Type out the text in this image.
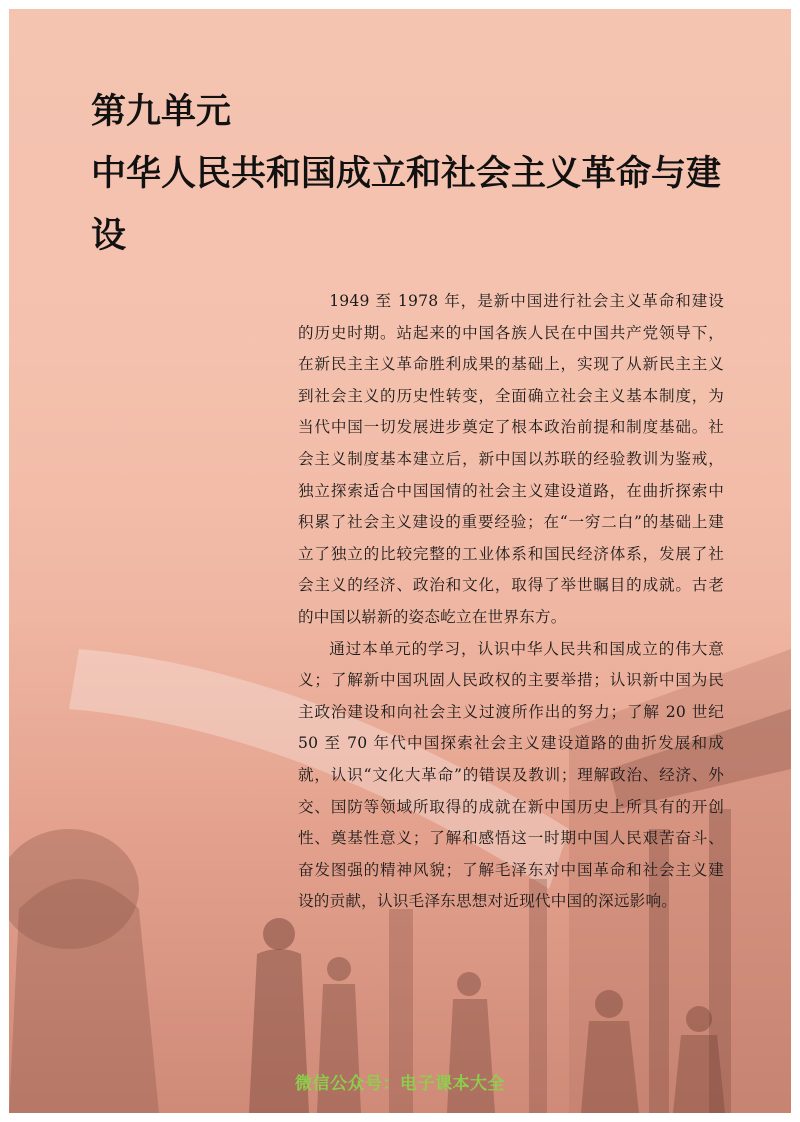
第九单元
中华人民共和国成立和社会主义革命与建设

1949 至 1978 年，是新中国进行社会主义革命和建设的历史时期。站起来的中国各族人民在中国共产党领导下，在新民主主义革命胜利成果的基础上，实现了从新民主主义到社会主义的历史性转变，全面确立社会主义基本制度，为当代中国一切发展进步奠定了根本政治前提和制度基础。社会主义制度基本建立后，新中国以苏联的经验教训为鉴戒，独立探索适合中国国情的社会主义建设道路，在曲折探索中积累了社会主义建设的重要经验；在“一穷二白”的基础上建立了独立的比较完整的工业体系和国民经济体系，发展了社会主义的经济、政治和文化，取得了举世瞩目的成就。古老的中国以崭新的姿态屹立在世界东方。

通过本单元的学习，认识中华人民共和国成立的伟大意义；了解新中国巩固人民政权的主要举措；认识新中国为民主政治建设和向社会主义过渡所作出的努力；了解 20 世纪 50 至 70 年代中国探索社会主义建设道路的曲折发展和成就，认识“文化大革命”的错误及教训；理解政治、经济、外交、国防等领域所取得的成就在新中国历史上所具有的开创性、奠基性意义；了解和感悟这一时期中国人民艰苦奋斗、奋发图强的精神风貌；了解毛泽东对中国革命和社会主义建设的贡献，认识毛泽东思想对近现代中国的深远影响。

微信公众号：电子课本大全
